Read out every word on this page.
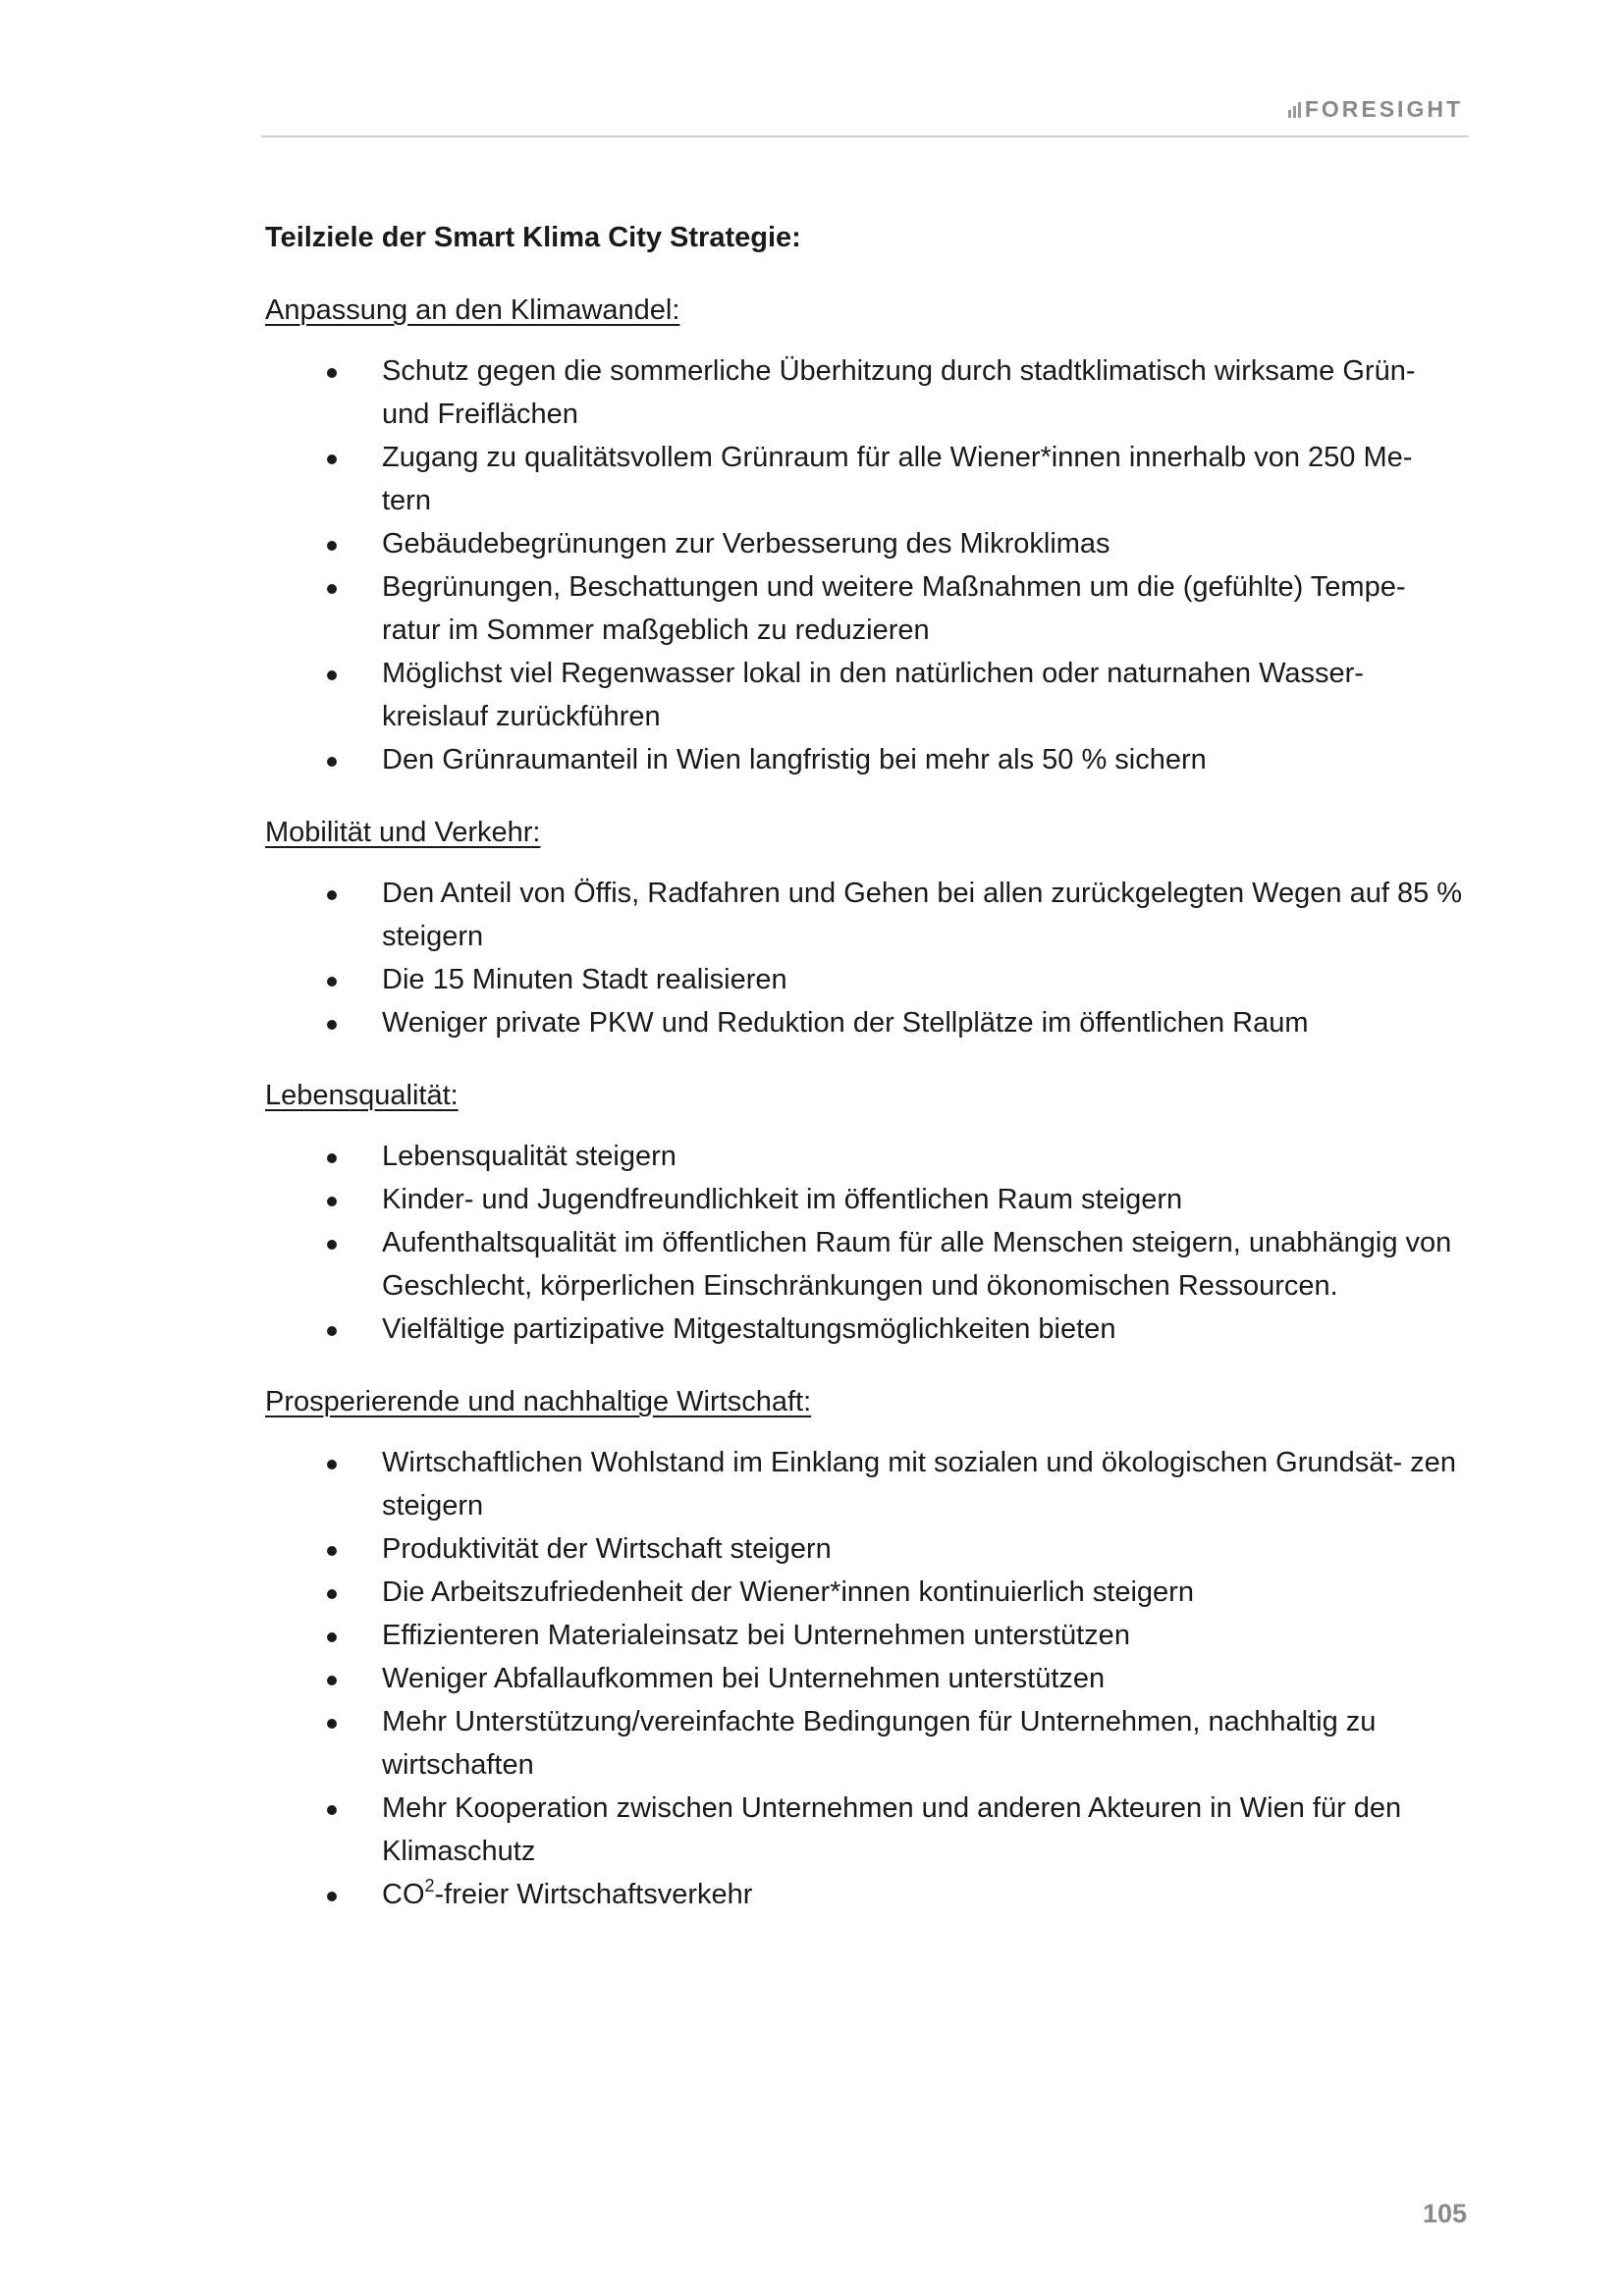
FORESIGHT
Teilziele der Smart Klima City Strategie:
Anpassung an den Klimawandel:
Schutz gegen die sommerliche Überhitzung durch stadtklimatisch wirksame Grün- und Freiflächen
Zugang zu qualitätsvollem Grünraum für alle Wiener*innen innerhalb von 250 Me- tern
Gebäudebegrünungen zur Verbesserung des Mikroklimas
Begrünungen, Beschattungen und weitere Maßnahmen um die (gefühlte) Tempe- ratur im Sommer maßgeblich zu reduzieren
Möglichst viel Regenwasser lokal in den natürlichen oder naturnahen Wasser- kreislauf zurückführen
Den Grünraumanteil in Wien langfristig bei mehr als 50 % sichern
Mobilität und Verkehr:
Den Anteil von Öffis, Radfahren und Gehen bei allen zurückgelegten Wegen auf 85 % steigern
Die 15 Minuten Stadt realisieren
Weniger private PKW und Reduktion der Stellplätze im öffentlichen Raum
Lebensqualität:
Lebensqualität steigern
Kinder- und Jugendfreundlichkeit im öffentlichen Raum steigern
Aufenthaltsqualität im öffentlichen Raum für alle Menschen steigern, unabhängig von Geschlecht, körperlichen Einschränkungen und ökonomischen Ressourcen.
Vielfältige partizipative Mitgestaltungsmöglichkeiten bieten
Prosperierende und nachhaltige Wirtschaft:
Wirtschaftlichen Wohlstand im Einklang mit sozialen und ökologischen Grundsät- zen steigern
Produktivität der Wirtschaft steigern
Die Arbeitszufriedenheit der Wiener*innen kontinuierlich steigern
Effizienteren Materialeinsatz bei Unternehmen unterstützen
Weniger Abfallaufkommen bei Unternehmen unterstützen
Mehr Unterstützung/vereinfachte Bedingungen für Unternehmen, nachhaltig zu wirtschaften
Mehr Kooperation zwischen Unternehmen und anderen Akteuren in Wien für den Klimaschutz
$CO^2$-freier Wirtschaftsverkehr
105
